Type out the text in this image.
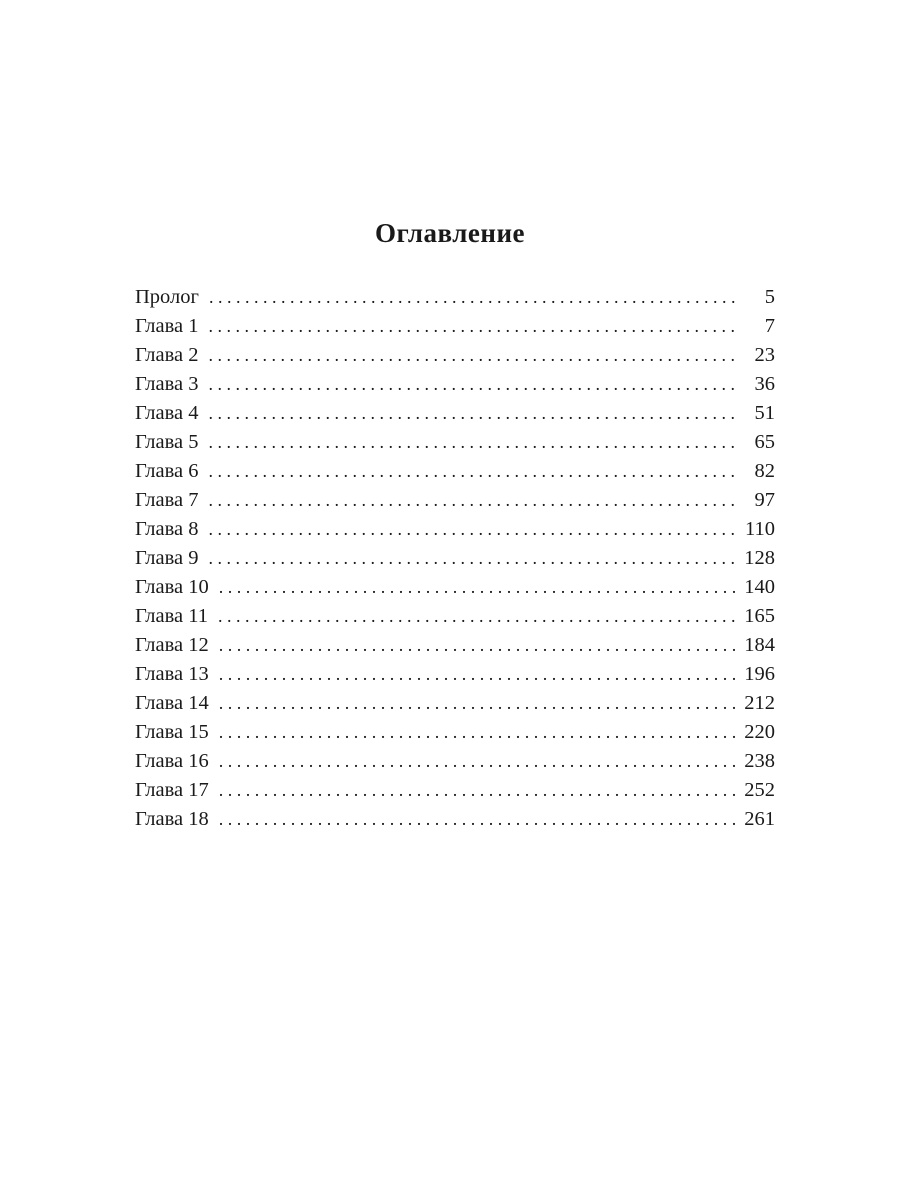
Оглавление
Пролог . . .	5
Глава 1 . . .	7
Глава 2 . . .	23
Глава 3 . . .	36
Глава 4 . . .	51
Глава 5 . . .	65
Глава 6 . . .	82
Глава 7 . . .	97
Глава 8 . . .	110
Глава 9 . . .	128
Глава 10 . . .	140
Глава 11 . . .	165
Глава 12 . . .	184
Глава 13 . . .	196
Глава 14 . . .	212
Глава 15 . . .	220
Глава 16 . . .	238
Глава 17 . . .	252
Глава 18 . . .	261
